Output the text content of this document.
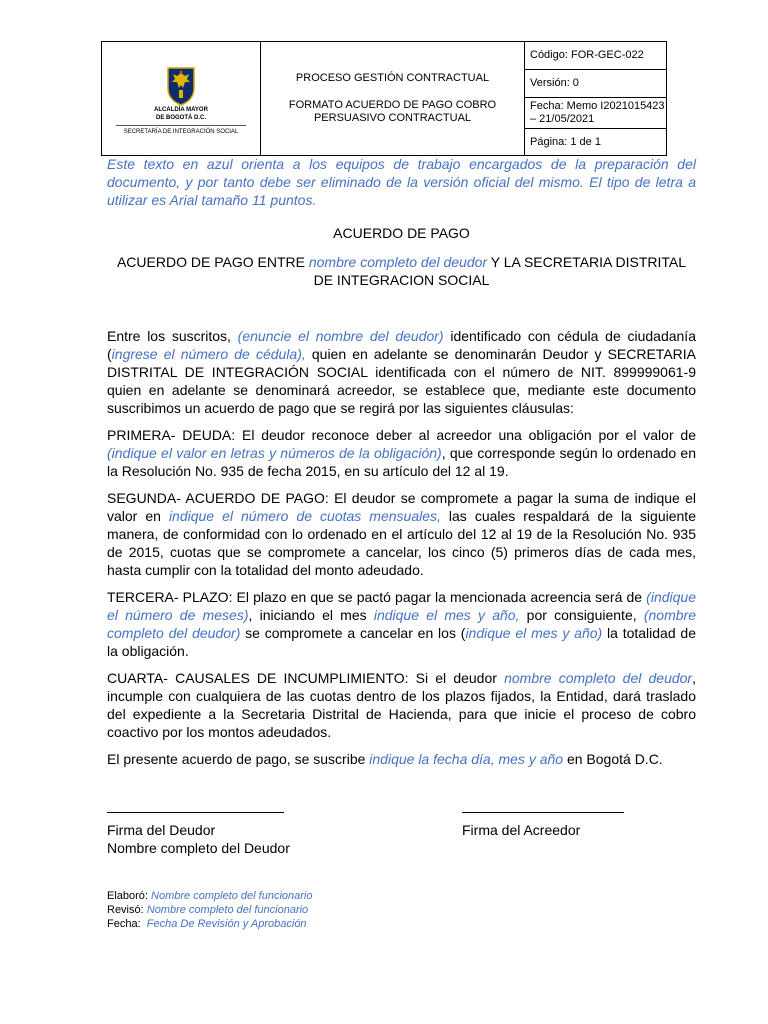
ALCALDÍA MAYOR
DE BOGOTÁ D.C.
SECRETARÍA DE INTEGRACIÓN SOCIAL

PROCESO GESTIÓN CONTRACTUAL
FORMATO ACUERDO DE PAGO COBRO PERSUASIVO CONTRACTUAL	Código: FOR-GEC-022
Versión: 0
Fecha: Memo I2021015423 – 21/05/2021
Página: 1 de 1

Este texto en azul orienta a los equipos de trabajo encargados de la preparación del documento, y por tanto debe ser eliminado de la versión oficial del mismo. El tipo de letra a utilizar es Arial tamaño 11 puntos.

ACUERDO DE PAGO

ACUERDO DE PAGO ENTRE nombre completo del deudor Y LA SECRETARIA DISTRITAL DE INTEGRACION SOCIAL

Entre los suscritos, (enuncie el nombre del deudor) identificado con cédula de ciudadanía (ingrese el número de cédula), quien en adelante se denominarán Deudor y SECRETARIA DISTRITAL DE INTEGRACIÓN SOCIAL identificada con el número de NIT. 899999061-9 quien en adelante se denominará acreedor, se establece que, mediante este documento suscribimos un acuerdo de pago que se regirá por las siguientes cláusulas:

PRIMERA- DEUDA: El deudor reconoce deber al acreedor una obligación por el valor de (indique el valor en letras y números de la obligación), que corresponde según lo ordenado en la Resolución No. 935 de fecha 2015, en su artículo del 12 al 19.

SEGUNDA- ACUERDO DE PAGO: El deudor se compromete a pagar la suma de indique el valor en indique el número de cuotas mensuales, las cuales respaldará de la siguiente manera, de conformidad con lo ordenado en el artículo del 12 al 19 de la Resolución No. 935 de 2015, cuotas que se compromete a cancelar, los cinco (5) primeros días de cada mes, hasta cumplir con la totalidad del monto adeudado.

TERCERA- PLAZO: El plazo en que se pactó pagar la mencionada acreencia será de (indique el número de meses), iniciando el mes indique el mes y año, por consiguiente, (nombre completo del deudor) se compromete a cancelar en los (indique el mes y año) la totalidad de la obligación.

CUARTA- CAUSALES DE INCUMPLIMIENTO: Si el deudor nombre completo del deudor, incumple con cualquiera de las cuotas dentro de los plazos fijados, la Entidad, dará traslado del expediente a la Secretaria Distrital de Hacienda, para que inicie el proceso de cobro coactivo por los montos adeudados.

El presente acuerdo de pago, se suscribe indique la fecha día, mes y año en Bogotá D.C.

Firma del Deudor
Nombre completo del Deudor
Firma del Acreedor
Elaboró: Nombre completo del funcionario
Revisó: Nombre completo del funcionario
Fecha: Fecha De Revisión y Aprobación
